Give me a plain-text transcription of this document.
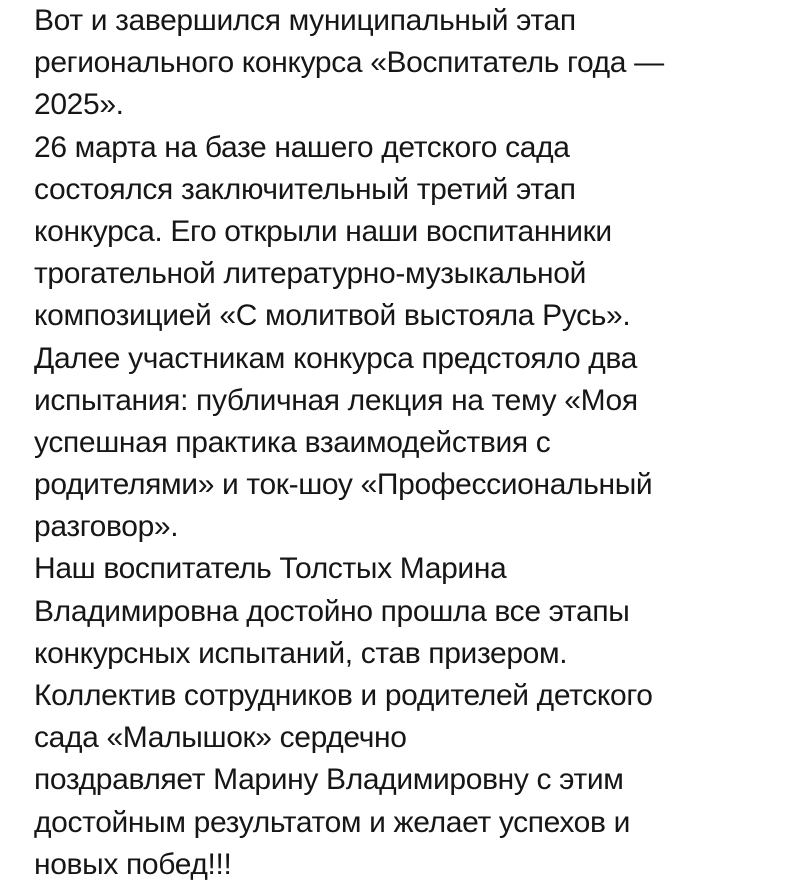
Вот и завершился муниципальный этап
регионального конкурса «Воспитатель года —
2025».
26 марта на базе нашего детского сада
состоялся заключительный третий этап
конкурса. Его открыли наши воспитанники
трогательной литературно-музыкальной
композицией «С молитвой выстояла Русь».
Далее участникам конкурса предстояло два
испытания: публичная лекция на тему «Моя
успешная практика взаимодействия с
родителями» и ток-шоу «Профессиональный
разговор».
Наш воспитатель Толстых Марина
Владимировна достойно прошла все этапы
конкурсных испытаний, став призером.
Коллектив сотрудников и родителей детского
сада «Малышок» сердечно
поздравляет Марину Владимировну с этим
достойным результатом и желает успехов и
новых побед!!!
